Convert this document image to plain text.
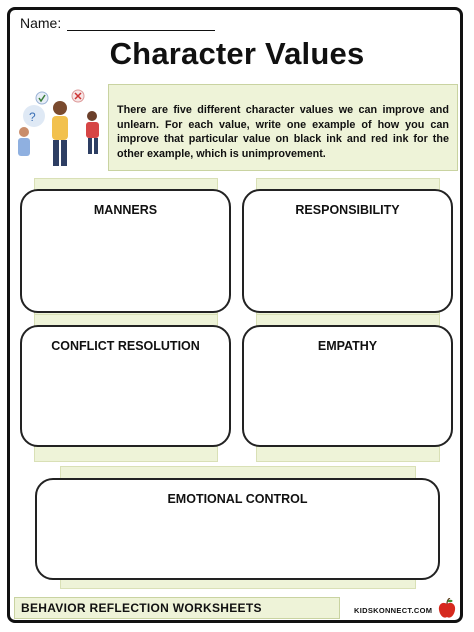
Name:
Character Values
?	There are five different character values we can improve and unlearn. For each value, write one example of how you can improve that particular value on black ink and red ink for the other example, which is unimprovement.
MANNERS	RESPONSIBILITY
CONFLICT RESOLUTION	EMPATHY
EMOTIONAL CONTROL
BEHAVIOR REFLECTION WORKSHEETS	KIDSKONNECT.COM
